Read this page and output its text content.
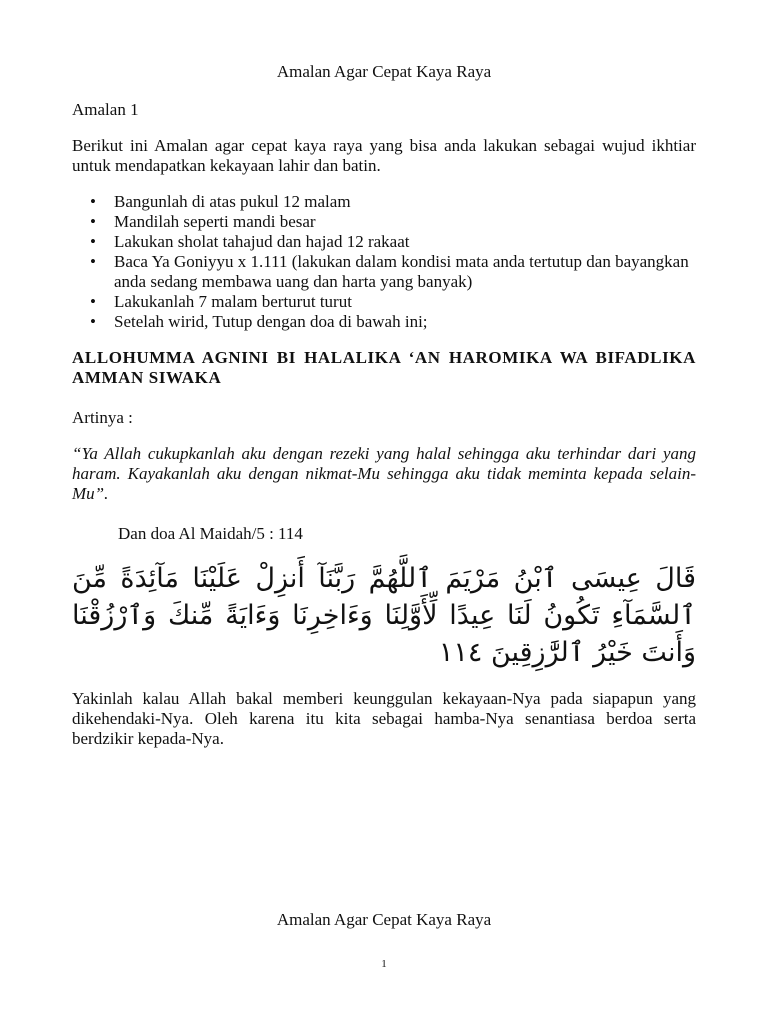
Amalan Agar Cepat Kaya Raya

Amalan 1

Berikut ini Amalan agar cepat kaya raya yang bisa anda lakukan sebagai wujud ikhtiar untuk mendapatkan kekayaan lahir dan batin.

• Bangunlah di atas pukul 12 malam
• Mandilah seperti mandi besar
• Lakukan sholat tahajud dan hajad 12 rakaat
• Baca Ya Goniyyu x 1.111 (lakukan dalam kondisi mata anda tertutup dan bayangkan anda sedang membawa uang dan harta yang banyak)
• Lakukanlah 7 malam berturut turut
• Setelah wirid, Tutup dengan doa di bawah ini;

ALLOHUMMA AGNINI BI HALALIKA ‘AN HAROMIKA WA BIFADLIKA AMMAN SIWAKA

Artinya :

“Ya Allah cukupkanlah aku dengan rezeki yang halal sehingga aku terhindar dari yang haram. Kayakanlah aku dengan nikmat-Mu sehingga aku tidak meminta kepada selain-Mu”.

Dan doa Al Maidah/5 : 114

قَالَ عِيسَى ٱبْنُ مَرْيَمَ ٱللَّهُمَّ رَبَّنَآ أَنزِلْ عَلَيْنَا مَآئِدَةً مِّنَ ٱلسَّمَآءِ تَكُونُ لَنَا عِيدًا لِّأَوَّلِنَا وَءَاخِرِنَا وَءَايَةً مِّنكَ وَٱرْزُقْنَا وَأَنتَ خَيْرُ ٱلرَّٰزِقِينَ ١١٤

Yakinlah kalau Allah bakal memberi keunggulan kekayaan-Nya pada siapapun yang dikehendaki-Nya. Oleh karena itu kita sebagai hamba-Nya senantiasa berdoa serta berdzikir kepada-Nya.

Amalan Agar Cepat Kaya Raya
1
